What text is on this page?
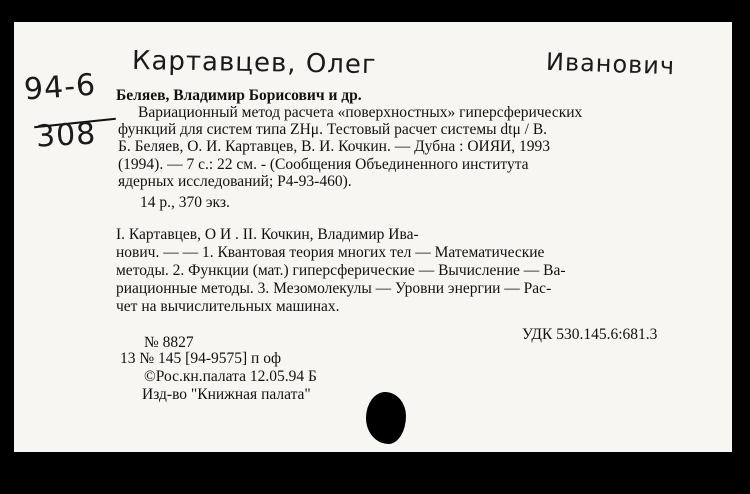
94-6
308
Картавцев, Олег	Иванович
Беляев, Владимир Борисович и др.
Вариационный метод расчета «поверхностных» гиперсферических
функций для систем типа ZНμ. Тестовый расчет системы dtμ / В.
Б. Беляев, О. И. Картавцев, В. И. Кочкин. — Дубна : ОИЯИ, 1993
(1994). — 7 с.: 22 см. - (Сообщения Объединенного института
ядерных исследований; Р4-93-460).
14 р., 370 экз.
I. Картавцев, О И . II. Кочкин, Владимир Ива-
нович. — — 1. Квантовая теория многих тел — Математические
методы. 2. Функции (мат.) гиперсферические — Вычисление — Ва-
риационные методы. 3. Мезомолекулы — Уровни энергии — Рас-
чет на вычислительных машинах.
№ 8827	УДК 530.145.6:681.3
13 № 145 [94-9575] п оф
©Рос.кн.палата 12.05.94 Б
Изд-во "Книжная палата"
